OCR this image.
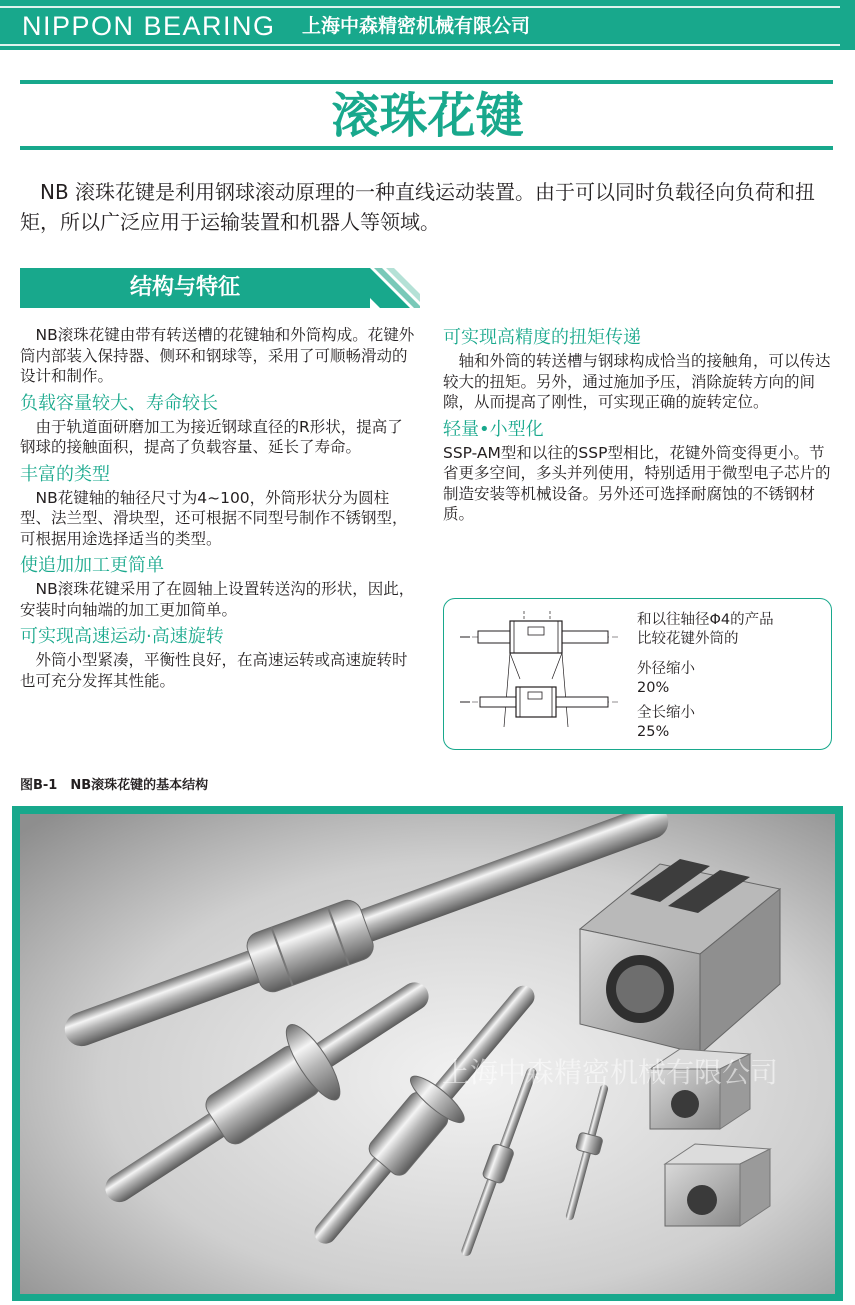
NIPPON BEARING 上海中森精密机械有限公司
滚珠花键
NB 滚珠花键是利用钢球滚动原理的一种直线运动装置。由于可以同时负载径向负荷和扭矩，所以广泛应用于运输装置和机器人等领域。
结构与特征

NB滚珠花键由带有转送槽的花键轴和外筒构成。花键外筒内部装入保持器、侧环和钢球等，采用了可顺畅滑动的设计和制作。

负载容量较大、寿命较长

由于轨道面研磨加工为接近钢球直径的R形状，提高了钢球的接触面积，提高了负载容量、延长了寿命。

丰富的类型

NB花键轴的轴径尺寸为4~100，外筒形状分为圆柱型、法兰型、滑块型，还可根据不同型号制作不锈钢型，可根据用途选择适当的类型。

使追加加工更简单

NB滚珠花键采用了在圆轴上设置转送沟的形状，因此，安装时向轴端的加工更加简单。

可实现高速运动·高速旋转

外筒小型紧凑，平衡性良好，在高速运转或高速旋转时也可充分发挥其性能。

可实现高精度的扭矩传递

轴和外筒的转送槽与钢球构成恰当的接触角，可以传达较大的扭矩。另外，通过施加予压，消除旋转方向的间隙，从而提高了刚性，可实现正确的旋转定位。

轻量•小型化

SSP-AM型和以往的SSP型相比，花键外筒变得更小。节省更多空间，多头并列使用，特别适用于微型电子芯片的制造安装等机械设备。另外还可选择耐腐蚀的不锈钢材质。

和以往轴径Φ4的产品
比较花键外筒的
外径缩小
20%
全长缩小
25%
图B-1　NB滚珠花键的基本结构
上海中森精密机械有限公司
